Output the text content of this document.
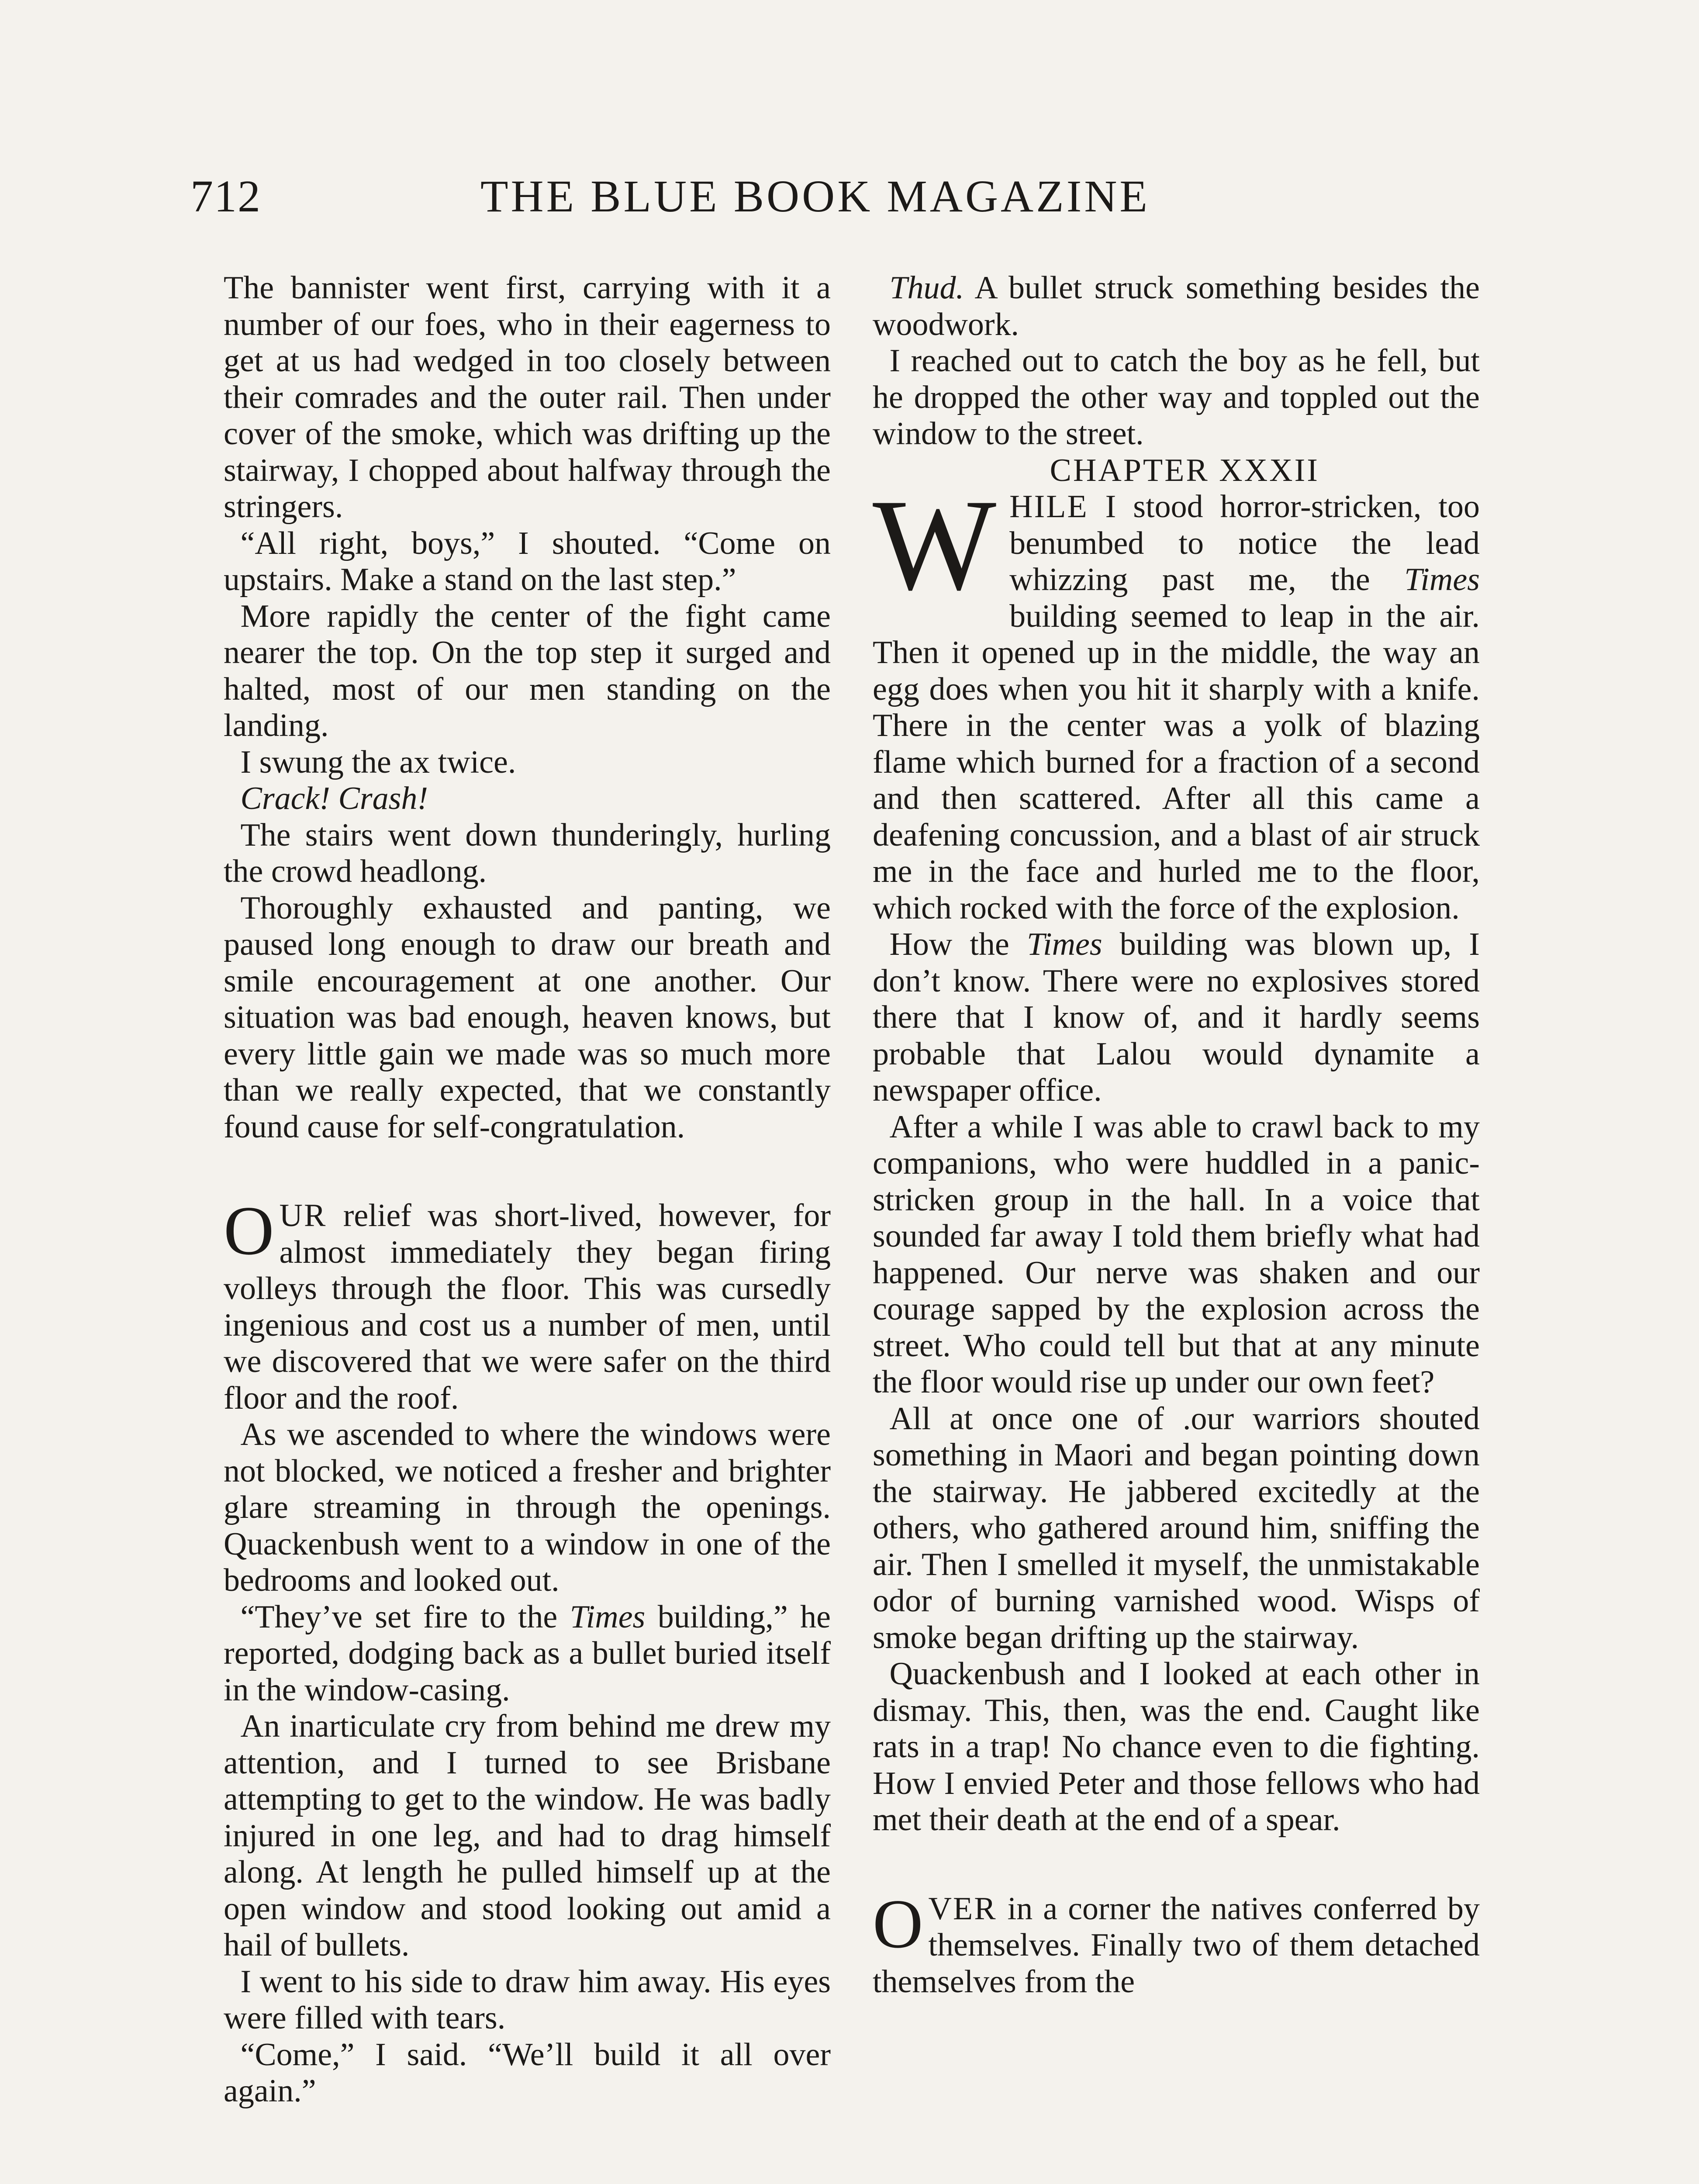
712	THE BLUE BOOK MAGAZINE

The bannister went first, carrying with it a number of our foes, who in their eagerness to get at us had wedged in too closely between their comrades and the outer rail. Then under cover of the smoke, which was drifting up the stairway, I chopped about halfway through the stringers.

“All right, boys,” I shouted. “Come on upstairs. Make a stand on the last step.”

More rapidly the center of the fight came nearer the top. On the top step it surged and halted, most of our men standing on the landing.

I swung the ax twice.

Crack! Crash!

The stairs went down thunderingly, hurling the crowd headlong.

Thoroughly exhausted and panting, we paused long enough to draw our breath and smile encouragement at one another. Our situation was bad enough, heaven knows, but every little gain we made was so much more than we really expected, that we constantly found cause for self-congratulation.

OUR relief was short-lived, however, for almost immediately they began firing volleys through the floor. This was cursedly ingenious and cost us a number of men, until we discovered that we were safer on the third floor and the roof.

As we ascended to where the windows were not blocked, we noticed a fresher and brighter glare streaming in through the openings. Quackenbush went to a window in one of the bedrooms and looked out.

“They’ve set fire to the Times building,” he reported, dodging back as a bullet buried itself in the window-casing.

An inarticulate cry from behind me drew my attention, and I turned to see Brisbane attempting to get to the window. He was badly injured in one leg, and had to drag himself along. At length he pulled himself up at the open window and stood looking out amid a hail of bullets.

I went to his side to draw him away. His eyes were filled with tears.

“Come,” I said. “We’ll build it all over again.”

Thud. A bullet struck something besides the woodwork.

I reached out to catch the boy as he fell, but he dropped the other way and toppled out the window to the street.

CHAPTER XXXII

WHILE I stood horror-stricken, too benumbed to notice the lead whizzing past me, the Times building seemed to leap in the air. Then it opened up in the middle, the way an egg does when you hit it sharply with a knife. There in the center was a yolk of blazing flame which burned for a fraction of a second and then scattered. After all this came a deafening concussion, and a blast of air struck me in the face and hurled me to the floor, which rocked with the force of the explosion.

How the Times building was blown up, I don’t know. There were no explosives stored there that I know of, and it hardly seems probable that Lalou would dynamite a newspaper office.

After a while I was able to crawl back to my companions, who were huddled in a panic-stricken group in the hall. In a voice that sounded far away I told them briefly what had happened. Our nerve was shaken and our courage sapped by the explosion across the street. Who could tell but that at any minute the floor would rise up under our own feet?

All at once one of .our warriors shouted something in Maori and began pointing down the stairway. He jabbered excitedly at the others, who gathered around him, sniffing the air. Then I smelled it myself, the unmistakable odor of burning varnished wood. Wisps of smoke began drifting up the stairway.

Quackenbush and I looked at each other in dismay. This, then, was the end. Caught like rats in a trap! No chance even to die fighting. How I envied Peter and those fellows who had met their death at the end of a spear.

OVER in a corner the natives conferred by themselves. Finally two of them detached themselves from the
